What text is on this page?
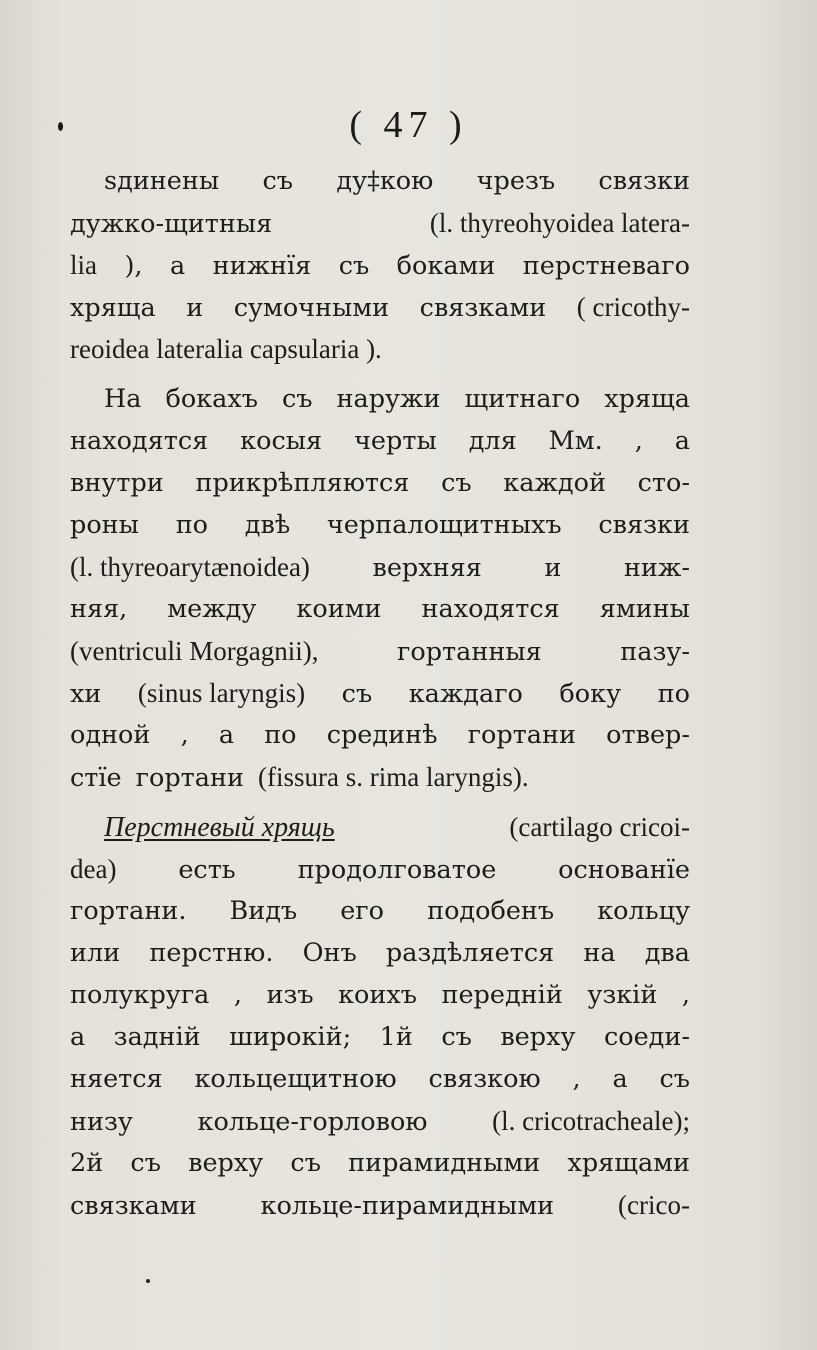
( 47 )
ѕдинены съ ду‡кою чрезъ связки
дужко-щитныя	(l. thyreohyoidea latera-
lia ), а нижнїя съ боками перстневаго
хряща и сумочными связками ( cricothy-
reoidea lateralia capsularia ).
На бокахъ съ наружи щитнаго хряща
находятся косыя черты для Мм. , а
внутри прикрѣпляются съ каждой сто-
роны по двѣ черпалощитныхъ связки
(l. thyreoarytænoidea) верхняя и ниж-
няя, между коими находятся ямины
(ventriculi Morgagnii),	гортанныя	пазу-
хи (sinus laryngis) съ каждаго боку по
одной , а по срединѣ гортани отвер-
стїе гортани (fissura s. rima laryngis).
Перстневый хрящь	(cartilago cricoi-
dea) есть продолговатое основанїе
гортани. Видъ его подобенъ кольцу
или перстню. Онъ раздѣляется на два
полукруга , изъ коихъ передній узкій ,
а задній широкій; 1й съ верху соеди-
няется кольцещитною связкою , а съ
низу	кольце-горловою (l. cricotracheale);
2й съ верху съ пирамидными хрящами
связками	кольце-пирамидными (crico-
